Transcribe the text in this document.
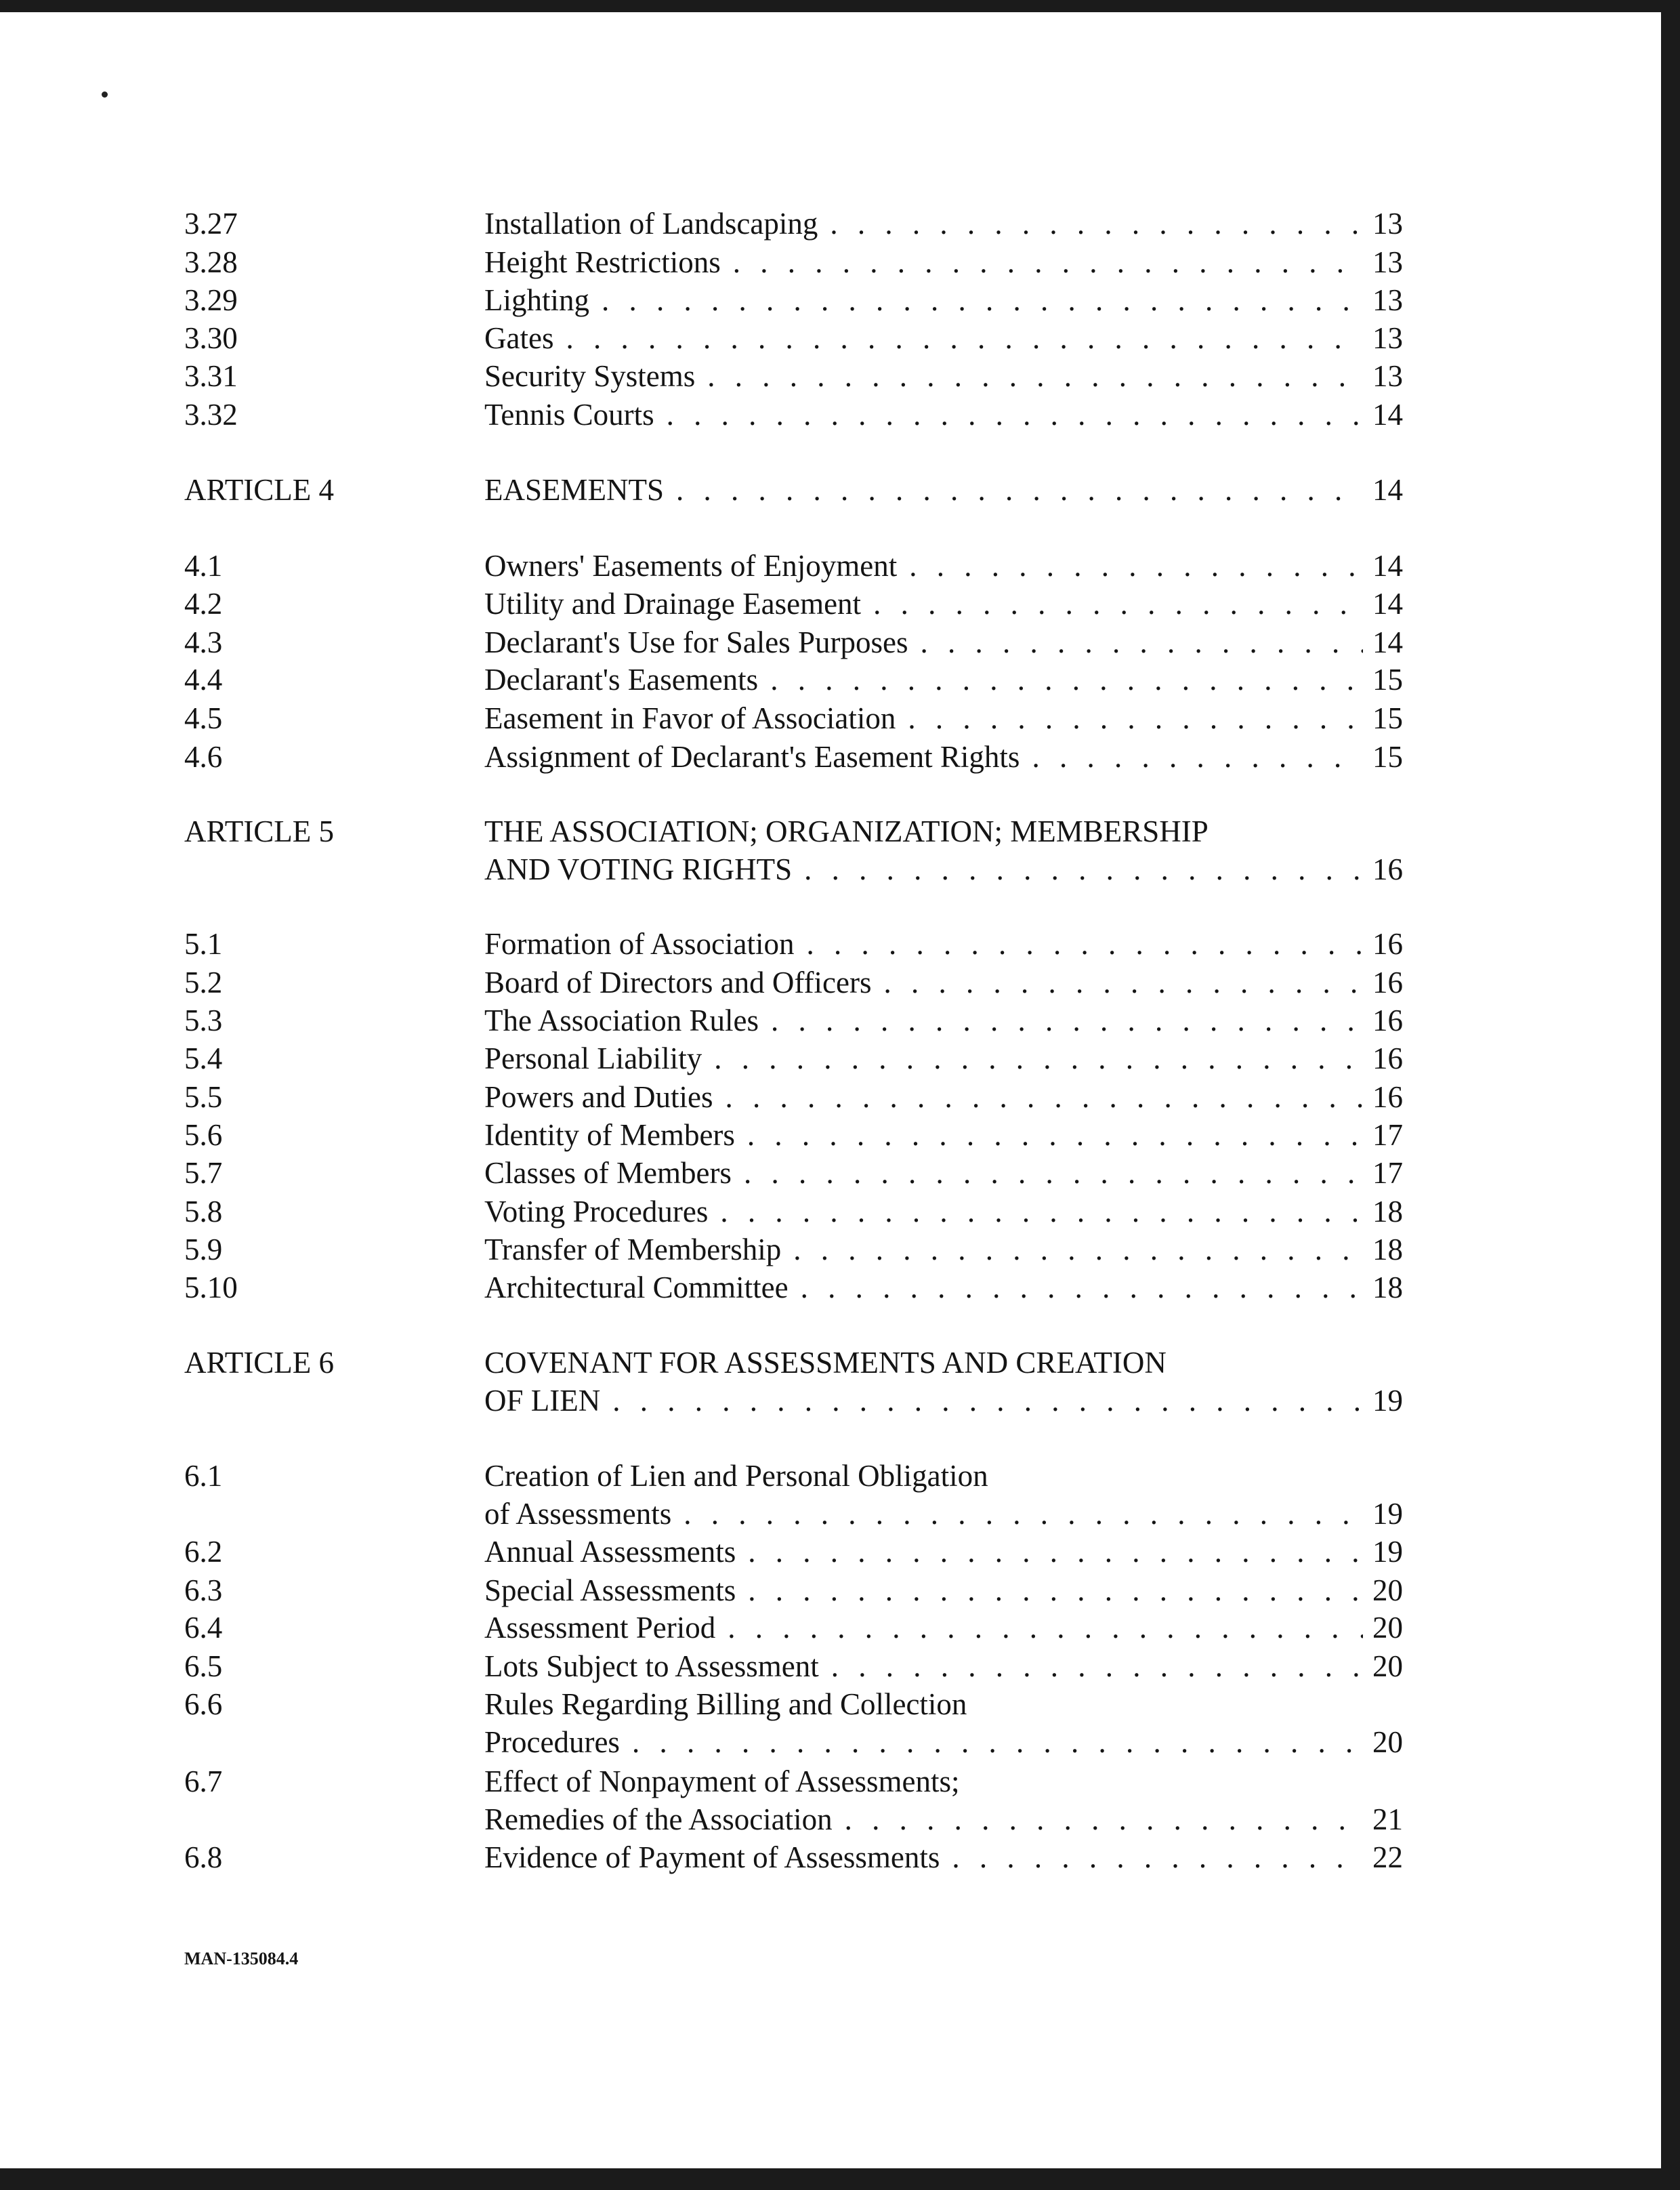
3.27	Installation of Landscaping . . .	13
3.28	Height Restrictions . . .	13
3.29	Lighting . . .	13
3.30	Gates . . .	13
3.31	Security Systems . . .	13
3.32	Tennis Courts . . .	14
ARTICLE 4	EASEMENTS . . .	14
4.1	Owners' Easements of Enjoyment . . .	14
4.2	Utility and Drainage Easement . . .	14
4.3	Declarant's Use for Sales Purposes . . .	14
4.4	Declarant's Easements . . .	15
4.5	Easement in Favor of Association . . .	15
4.6	Assignment of Declarant's Easement Rights . . .	15
ARTICLE 5	THE ASSOCIATION; ORGANIZATION; MEMBERSHIP
AND VOTING RIGHTS . . .	16
5.1	Formation of Association . . .	16
5.2	Board of Directors and Officers . . .	16
5.3	The Association Rules . . .	16
5.4	Personal Liability . . .	16
5.5	Powers and Duties . . .	16
5.6	Identity of Members . . .	17
5.7	Classes of Members . . .	17
5.8	Voting Procedures . . .	18
5.9	Transfer of Membership . . .	18
5.10	Architectural Committee . . .	18
ARTICLE 6	COVENANT FOR ASSESSMENTS AND CREATION
OF LIEN . . .	19
6.1	Creation of Lien and Personal Obligation
of Assessments . . .	19
6.2	Annual Assessments . . .	19
6.3	Special Assessments . . .	20
6.4	Assessment Period . . .	20
6.5	Lots Subject to Assessment . . .	20
6.6	Rules Regarding Billing and Collection
Procedures . . .	20
6.7	Effect of Nonpayment of Assessments;
Remedies of the Association . . .	21
6.8	Evidence of Payment of Assessments . . .	22
MAN-135084.4
